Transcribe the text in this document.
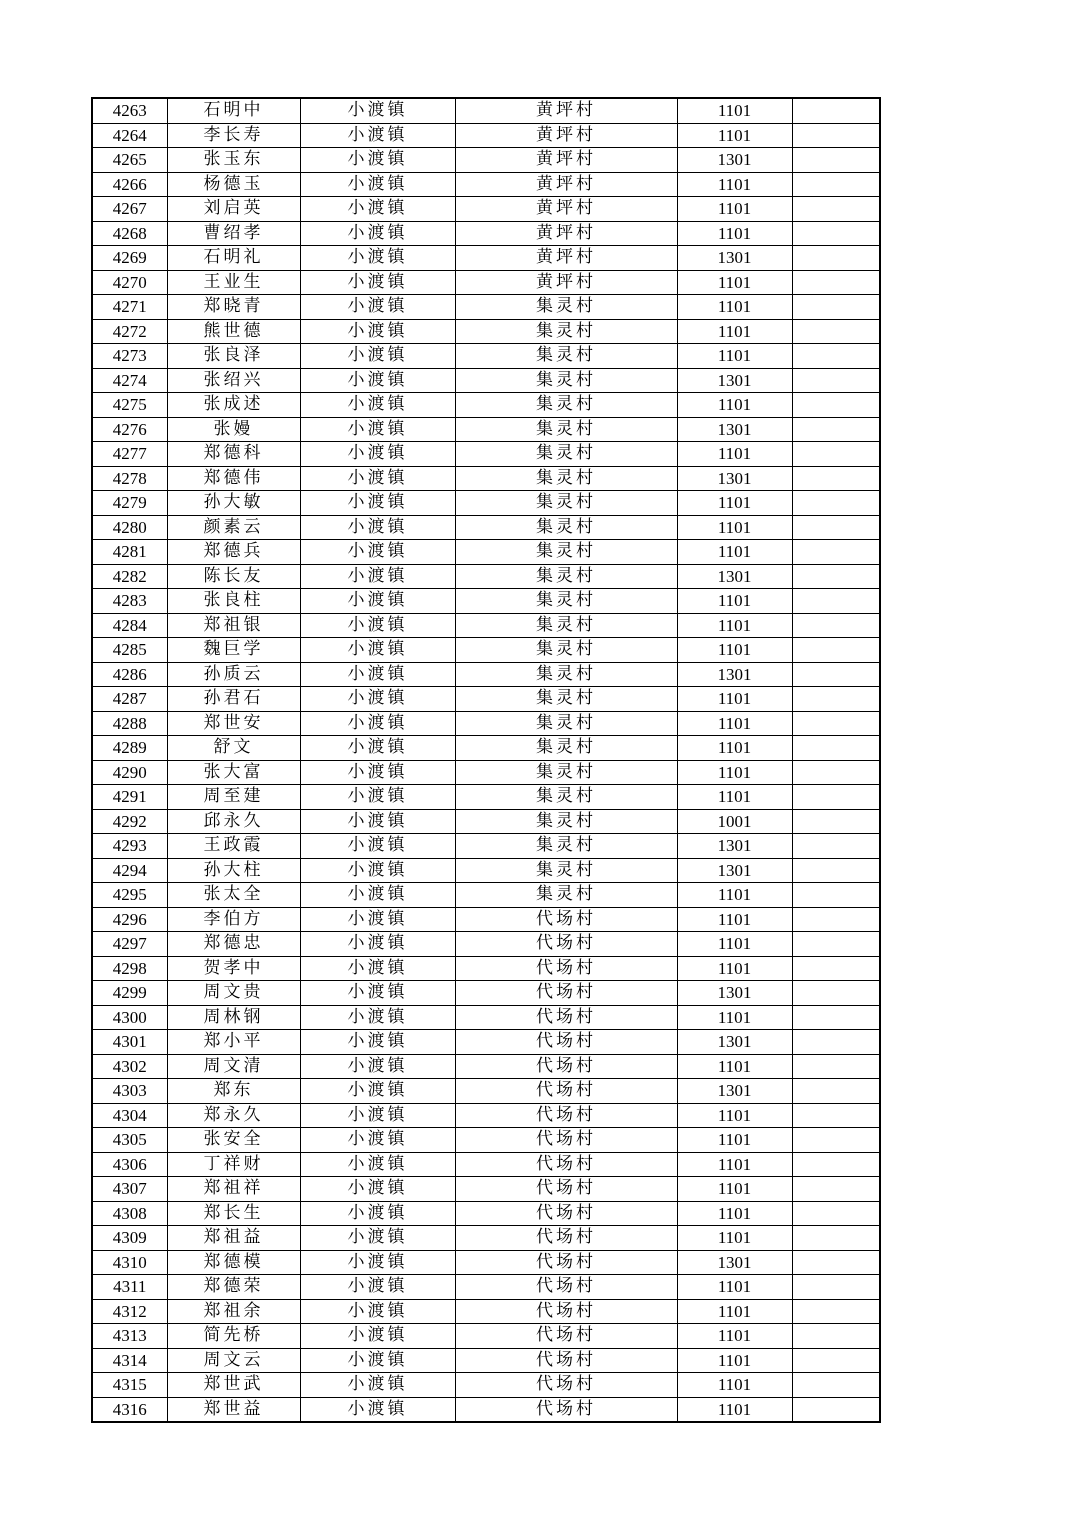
4263	石明中	小渡镇	黄坪村	1101	
4264	李长寿	小渡镇	黄坪村	1101	
4265	张玉东	小渡镇	黄坪村	1301	
4266	杨德玉	小渡镇	黄坪村	1101	
4267	刘启英	小渡镇	黄坪村	1101	
4268	曹绍孝	小渡镇	黄坪村	1101	
4269	石明礼	小渡镇	黄坪村	1301	
4270	王业生	小渡镇	黄坪村	1101	
4271	郑晓青	小渡镇	集灵村	1101	
4272	熊世德	小渡镇	集灵村	1101	
4273	张良泽	小渡镇	集灵村	1101	
4274	张绍兴	小渡镇	集灵村	1301	
4275	张成述	小渡镇	集灵村	1101	
4276	张嫚	小渡镇	集灵村	1301	
4277	郑德科	小渡镇	集灵村	1101	
4278	郑德伟	小渡镇	集灵村	1301	
4279	孙大敏	小渡镇	集灵村	1101	
4280	颜素云	小渡镇	集灵村	1101	
4281	郑德兵	小渡镇	集灵村	1101	
4282	陈长友	小渡镇	集灵村	1301	
4283	张良柱	小渡镇	集灵村	1101	
4284	郑祖银	小渡镇	集灵村	1101	
4285	魏巨学	小渡镇	集灵村	1101	
4286	孙质云	小渡镇	集灵村	1301	
4287	孙君石	小渡镇	集灵村	1101	
4288	郑世安	小渡镇	集灵村	1101	
4289	舒文	小渡镇	集灵村	1101	
4290	张大富	小渡镇	集灵村	1101	
4291	周至建	小渡镇	集灵村	1101	
4292	邱永久	小渡镇	集灵村	1001	
4293	王政霞	小渡镇	集灵村	1301	
4294	孙大柱	小渡镇	集灵村	1301	
4295	张太全	小渡镇	集灵村	1101	
4296	李伯方	小渡镇	代场村	1101	
4297	郑德忠	小渡镇	代场村	1101	
4298	贺孝中	小渡镇	代场村	1101	
4299	周文贵	小渡镇	代场村	1301	
4300	周林钢	小渡镇	代场村	1101	
4301	郑小平	小渡镇	代场村	1301	
4302	周文清	小渡镇	代场村	1101	
4303	郑东	小渡镇	代场村	1301	
4304	郑永久	小渡镇	代场村	1101	
4305	张安全	小渡镇	代场村	1101	
4306	丁祥财	小渡镇	代场村	1101	
4307	郑祖祥	小渡镇	代场村	1101	
4308	郑长生	小渡镇	代场村	1101	
4309	郑祖益	小渡镇	代场村	1101	
4310	郑德模	小渡镇	代场村	1301	
4311	郑德荣	小渡镇	代场村	1101	
4312	郑祖余	小渡镇	代场村	1101	
4313	简先桥	小渡镇	代场村	1101	
4314	周文云	小渡镇	代场村	1101	
4315	郑世武	小渡镇	代场村	1101	
4316	郑世益	小渡镇	代场村	1101	
